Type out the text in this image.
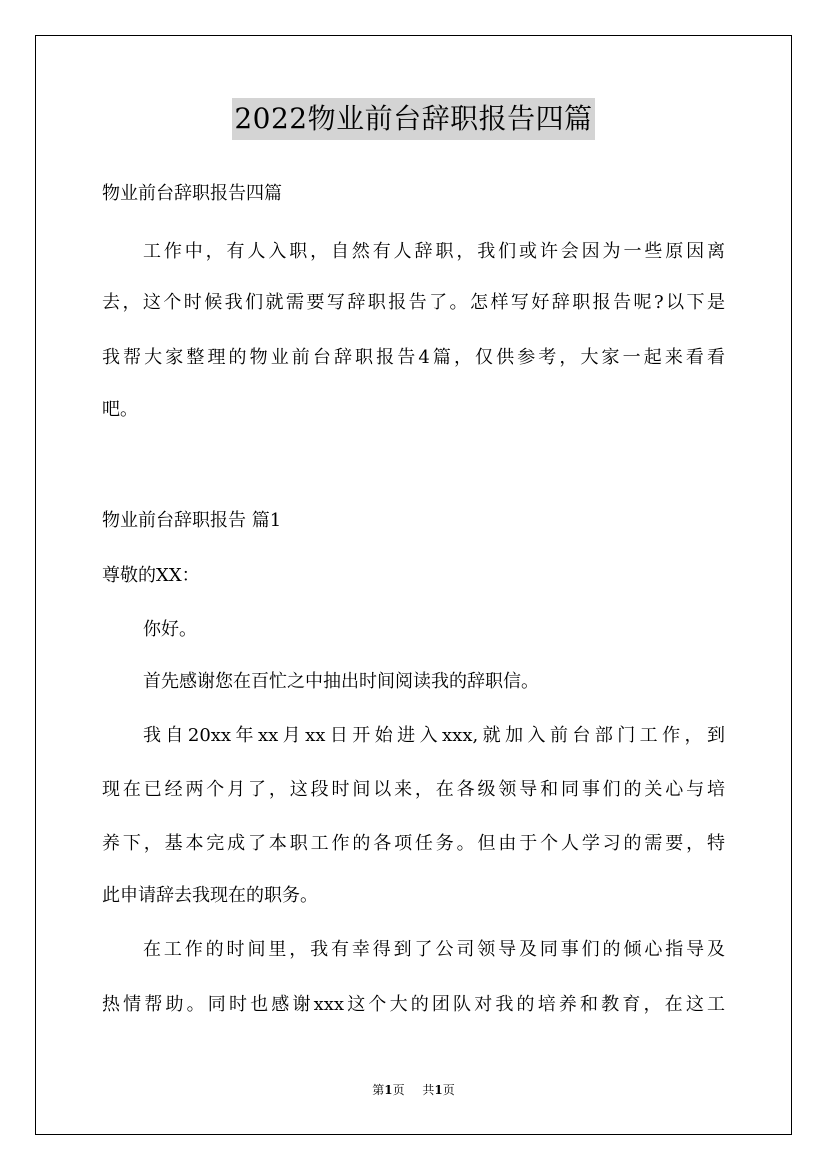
2022物业前台辞职报告四篇
物业前台辞职报告四篇
工作中，有人入职，自然有人辞职，我们或许会因为一些原因离
去，这个时候我们就需要写辞职报告了。怎样写好辞职报告呢?以下是
我帮大家整理的物业前台辞职报告4篇，仅供参考，大家一起来看看
吧。
物业前台辞职报告 篇1
尊敬的XX：
你好。
首先感谢您在百忙之中抽出时间阅读我的辞职信。
我自20xx年xx月xx日开始进入xxx,就加入前台部门工作，到
现在已经两个月了，这段时间以来，在各级领导和同事们的关心与培
养下，基本完成了本职工作的各项任务。但由于个人学习的需要，特
此申请辞去我现在的职务。
在工作的时间里，我有幸得到了公司领导及同事们的倾心指导及
热情帮助。同时也感谢xxx这个大的团队对我的培养和教育，在这工
第1页 共1页
